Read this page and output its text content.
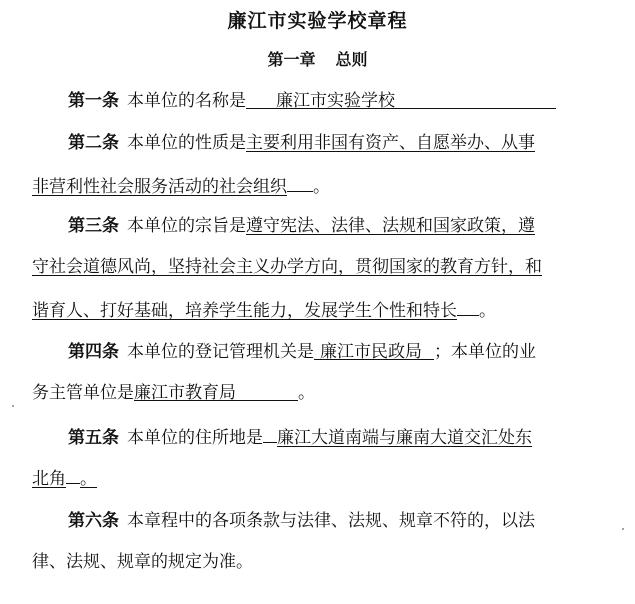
廉江市实验学校章程
第一章 总则
第一条 本单位的名称是 廉江市实验学校
第二条 本单位的性质是主要利用非国有资产、自愿举办、从事
非营利性社会服务活动的社会组织 。
第三条 本单位的宗旨是遵守宪法、法律、法规和国家政策，遵
守社会道德风尚，坚持社会主义办学方向，贯彻国家的教育方针，和
谐育人、打好基础，培养学生能力，发展学生个性和特长 。
第四条 本单位的登记管理机关是 廉江市民政局 ；本单位的业
务主管单位是廉江市教育局	。
第五条 本单位的住所地是 廉江大道南端与廉南大道交汇处东
北角 。
第六条 本章程中的各项条款与法律、法规、规章不符的，以法
律、法规、规章的规定为准。
